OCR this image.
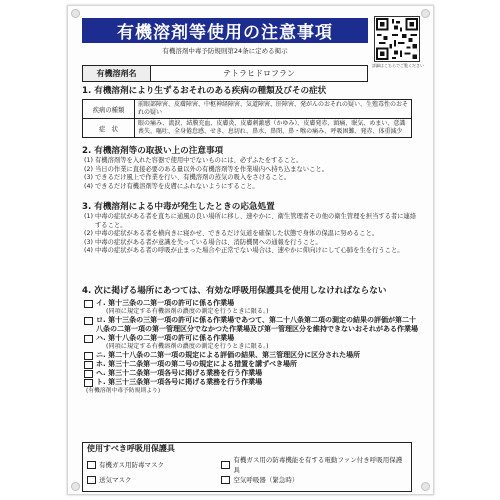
有機溶剤等使用の注意事項
有機溶剤中毒予防規則第24条に定める掲示
詳細はこちらでご覧ください
有機溶剤名	テトラヒドロフラン
1. 有機溶剤により生ずるおそれのある疾病の種類及びその症状
疾病の種類
前眼部障害、皮膚障害、中枢神経障害、気道障害、肝障害、発がんのおそれの疑い、生殖毒性のおそれの疑い
症　状
眼の痛み、流涙、結膜充血、皮膚炎、皮膚刺激感（かゆみ）、皮膚発赤、頭痛、眠気、めまい、意識喪失、嘔吐、全身倦怠感、せき、息切れ、鼻水、鼻閉、鼻・喉の痛み、呼吸困難、発赤、体重減少
2. 有機溶剤等の取扱い上の注意事項
(1) 有機溶剤等を入れた容器で使用中でないものには、必ずふたをすること。
(2) 当日の作業に直接必要のある量以外の有機溶剤等を作業場内へ持ち込まないこと。
(3) できるだけ風上で作業を行い、有機溶剤の蒸気の吸入をさけること。
(4) できるだけ有機溶剤等を皮膚にふれないようにすること。
3. 有機溶剤による中毒が発生したときの応急処置
(1) 中毒の症状がある者を直ちに通風の良い場所に移し、速やかに、衛生管理者その他の衛生管理を担当する者に連絡すること。
(2) 中毒の症状がある者を横向きに寝かせ、できるだけ気道を確保した状態で身体の保温に努めること。
(3) 中毒の症状がある者が意識を失っている場合は、消防機関への通報を行うこと。
(4) 中毒の症状がある者の呼吸が止まった場合や正常でない場合は、速やかに仰向けにして心肺を生を行うこと。
4. 次に掲げる場所にあつては、有効な呼吸用保護具を使用しなければならない
イ. 第十三条の二第一項の許可に係る作業場
(同項に規定する有機溶剤の濃度の測定を行うときに限る。)
ロ. 第十三条の三第一項の許可に係る作業場であつて、第二十八条第二項の測定の結果の評価が第二十八条の二第一項の第一管理区分でなかつた作業場及び第一管理区分を維持できないおそれがある作業場
ハ. 第十八条の二第一項の許可に係る作業場
(同項に規定する有機溶剤の濃度の測定を行うときに限る。)
ニ. 第二十八条の二第一項の規定による評価の結果、第三管理区分に区分された場所
ホ. 第三十二条第一項の第二号の規定による措置を講ずべき場所
ヘ. 第三十二条第一項各号に掲げる業務を行う作業場
ト. 第三十三条第一項各号に掲げる業務を行う作業場
(有機溶剤中毒予防規則より)
使用すべき呼吸用保護具
有機ガス用防毒マスク
有機ガス用の防毒機能を有する電動ファン付き呼吸用保護具
送気マスク	空気呼吸器（緊急時）
